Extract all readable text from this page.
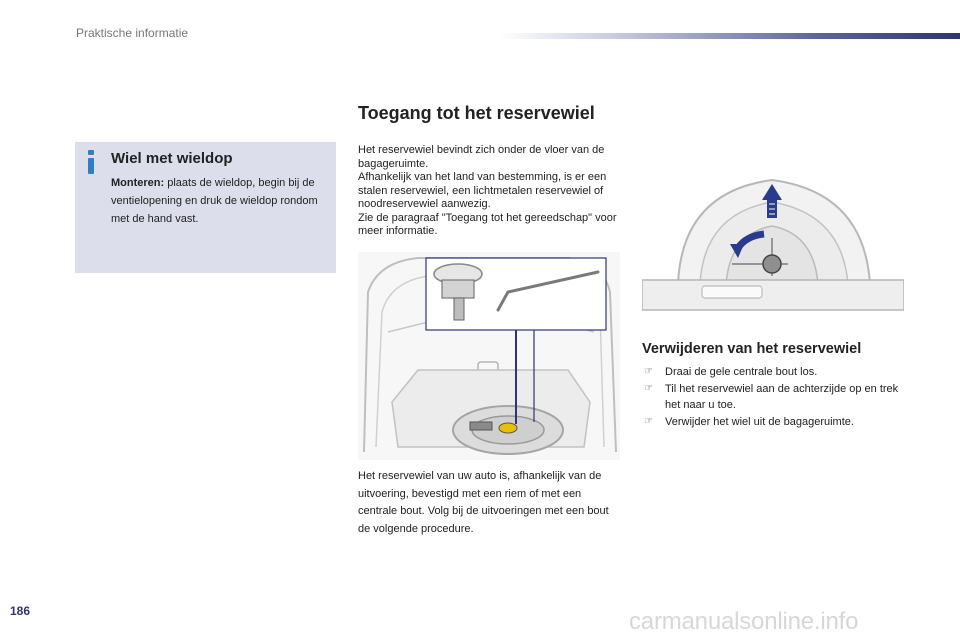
Praktische informatie
Wiel met wieldop
Monteren: plaats de wieldop, begin bij de ventielopening en druk de wieldop rondom met de hand vast.
Toegang tot het reservewiel
Het reservewiel bevindt zich onder de vloer van de bagageruimte.
Afhankelijk van het land van bestemming, is er een stalen reservewiel, een lichtmetalen reservewiel of noodreservewiel aanwezig.
Zie de paragraaf "Toegang tot het gereedschap" voor meer informatie.
Het reservewiel van uw auto is, afhankelijk van de uitvoering, bevestigd met een riem of met een centrale bout. Volg bij de uitvoeringen met een bout de volgende procedure.
Verwijderen van het reservewiel
☞ Draai de gele centrale bout los.
☞ Til het reservewiel aan de achterzijde op en trek het naar u toe.
☞ Verwijder het wiel uit de bagageruimte.
186	carmanualsonline.info
